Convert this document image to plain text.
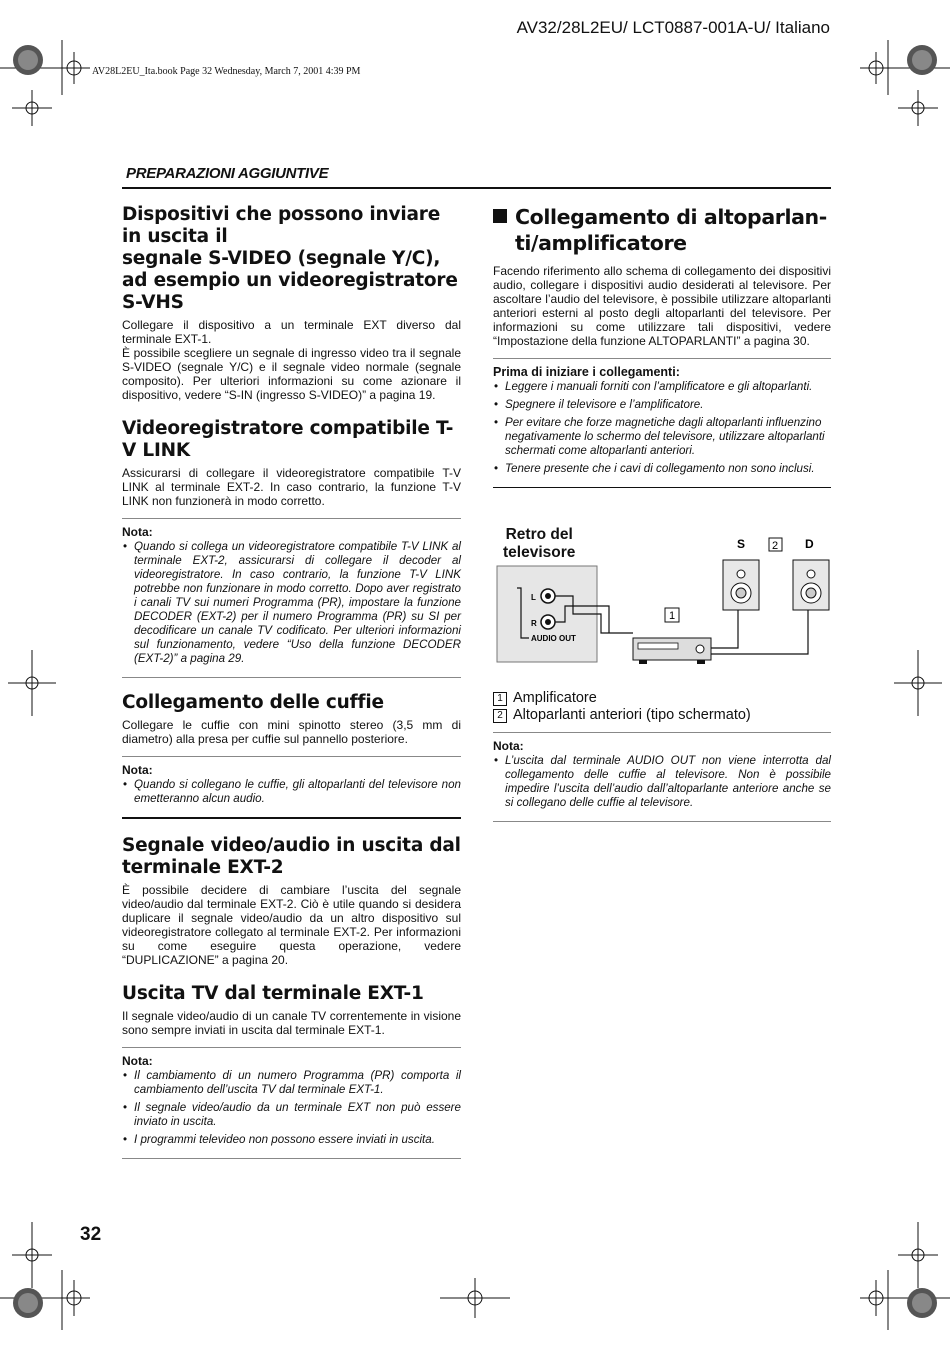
AV32/28L2EU/ LCT0887-001A-U/ Italiano
AV28L2EU_Ita.book Page 32 Wednesday, March 7, 2001 4:39 PM
PREPARAZIONI AGGIUNTIVE
Dispositivi che possono inviare in uscita il
segnale S-VIDEO (segnale Y/C), ad esempio un videoregistratore S-VHS

Collegare il dispositivo a un terminale EXT diverso dal terminale EXT-1.

È possibile scegliere un segnale di ingresso video tra il segnale S-VIDEO (segnale Y/C) e il segnale video normale (segnale composito). Per ulteriori informazioni su come azionare il dispositivo, vedere “S-IN (ingresso S-VIDEO)” a pagina 19.

Videoregistratore compatibile T-V LINK

Assicurarsi di collegare il videoregistratore compatibile T-V LINK al terminale EXT-2. In caso contrario, la funzione T-V LINK non funzionerà in modo corretto.

Nota:
• Quando si collega un videoregistratore compatibile T-V LINK al terminale EXT-2, assicurarsi di collegare il decoder al videoregistratore. In caso contrario, la funzione T-V LINK potrebbe non funzionare in modo corretto. Dopo aver registrato i canali TV sui numeri Programma (PR), impostare la funzione DECODER (EXT-2) per il numero Programma (PR) su SI per decodificare un canale TV codificato. Per ulteriori informazioni sul funzionamento, vedere “Uso della funzione DECODER (EXT-2)” a pagina 29.
Collegamento delle cuffie

Collegare le cuffie con mini spinotto stereo (3,5 mm di diametro) alla presa per cuffie sul pannello posteriore.

Nota:
• Quando si collegano le cuffie, gli altoparlanti del televisore non emetteranno alcun audio.
Segnale video/audio in uscita dal terminale EXT-2

È possibile decidere di cambiare l’uscita del segnale video/audio dal terminale EXT-2. Ciò è utile quando si desidera duplicare il segnale video/audio da un altro dispositivo sul videoregistratore collegato al terminale EXT-2. Per informazioni su come eseguire questa operazione, vedere “DUPLICAZIONE” a pagina 20.

Uscita TV dal terminale EXT-1

Il segnale video/audio di un canale TV correntemente in visione sono sempre inviati in uscita dal terminale EXT-1.

Nota:
• Il cambiamento di un numero Programma (PR) comporta il cambiamento dell’uscita TV dal terminale EXT-1.
• Il segnale video/audio da un terminale EXT non può essere inviato in uscita.
• I programmi televideo non possono essere inviati in uscita.
Collegamento di altoparlan-
ti/amplificatore

Facendo riferimento allo schema di collegamento dei dispositivi audio, collegare i dispositivi audio desiderati al televisore. Per ascoltare l’audio del televisore, è possibile utilizzare altoparlanti anteriori esterni al posto degli altoparlanti del televisore. Per informazioni su come utilizzare tali dispositivi, vedere “Impostazione della funzione ALTOPARLANTI” a pagina 30.

Prima di iniziare i collegamenti:
• Leggere i manuali forniti con l’amplificatore e gli altoparlanti.
• Spegnere il televisore e l’amplificatore.
• Per evitare che forze magnetiche dagli altoparlanti influenzino negativamente lo schermo del televisore, utilizzare altoparlanti schermati come altoparlanti anteriori.
• Tenere presente che i cavi di collegamento non sono inclusi.
Retro del
televisore
L
R
AUDIO OUT
S	D
2
1
1 Amplificatore
2 Altoparlanti anteriori (tipo schermato)
Nota:
• L’uscita dal terminale AUDIO OUT non viene interrotta dal collegamento delle cuffie al televisore. Non è possibile impedire l’uscita dell’audio dall’altoparlante anteriore anche se si collegano delle cuffie al televisore.
32
